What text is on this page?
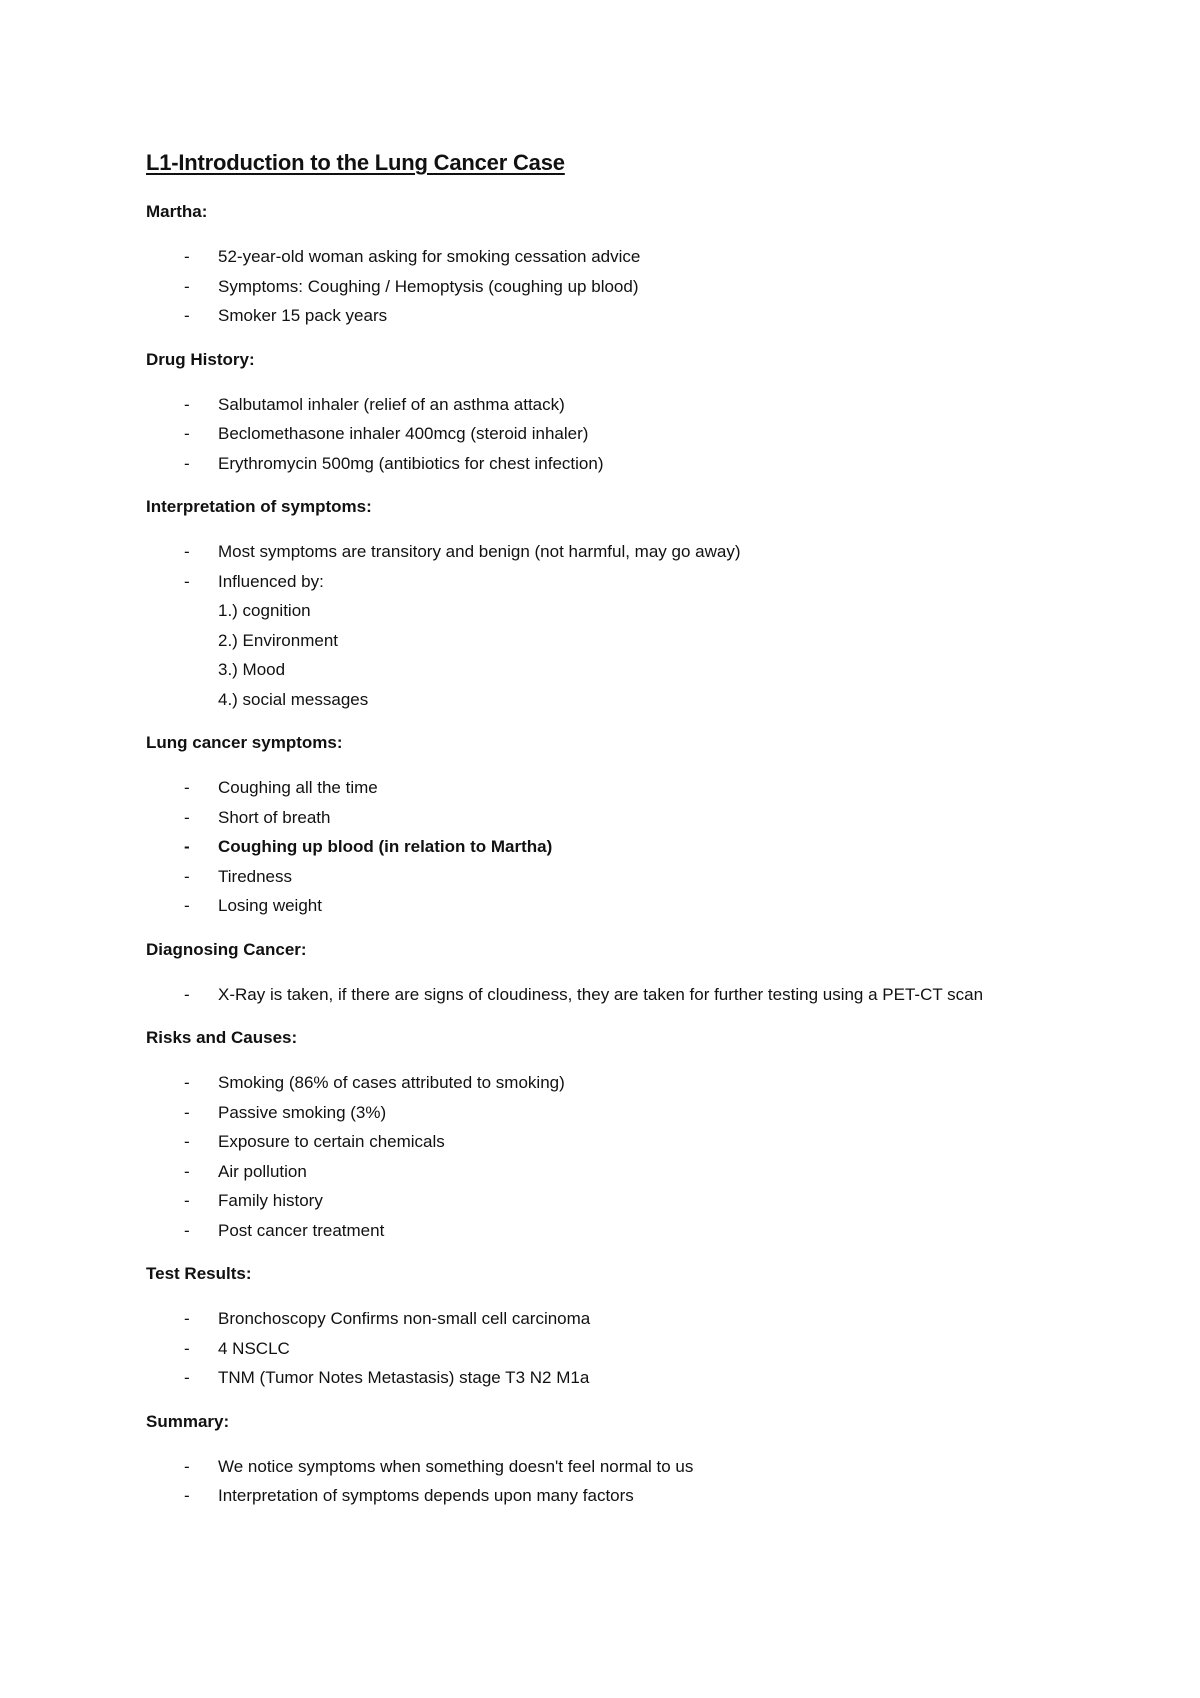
L1-Introduction to the Lung Cancer Case
Martha:
- 52-year-old woman asking for smoking cessation advice
- Symptoms: Coughing / Hemoptysis (coughing up blood)
- Smoker 15 pack years
Drug History:
- Salbutamol inhaler (relief of an asthma attack)
- Beclomethasone inhaler 400mcg (steroid inhaler)
- Erythromycin 500mg (antibiotics for chest infection)
Interpretation of symptoms:
- Most symptoms are transitory and benign (not harmful, may go away)
- Influenced by:
1.) cognition
2.) Environment
3.) Mood
4.) social messages
Lung cancer symptoms:
- Coughing all the time
- Short of breath
- Coughing up blood (in relation to Martha)
- Tiredness
- Losing weight
Diagnosing Cancer:
- X-Ray is taken, if there are signs of cloudiness, they are taken for further testing using a PET-CT scan
Risks and Causes:
- Smoking (86% of cases attributed to smoking)
- Passive smoking (3%)
- Exposure to certain chemicals
- Air pollution
- Family history
- Post cancer treatment
Test Results:
- Bronchoscopy Confirms non-small cell carcinoma
- 4 NSCLC
- TNM (Tumor Notes Metastasis) stage T3 N2 M1a
Summary:
- We notice symptoms when something doesn't feel normal to us
- Interpretation of symptoms depends upon many factors
